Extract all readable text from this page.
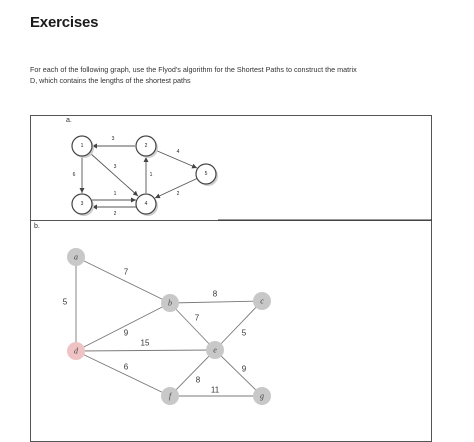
Exercises
For each of the following graph, use the Flyod’s algorithm for the Shortest Paths to construct the matrix
D, which contains the lengths of the shortest paths
a.
b.
3
3
6	1
4
1	2
2
1	2
3	4
5
7
5
8
7
5
9
15
6
8
9
11
a
b	c
d	e
f	g
